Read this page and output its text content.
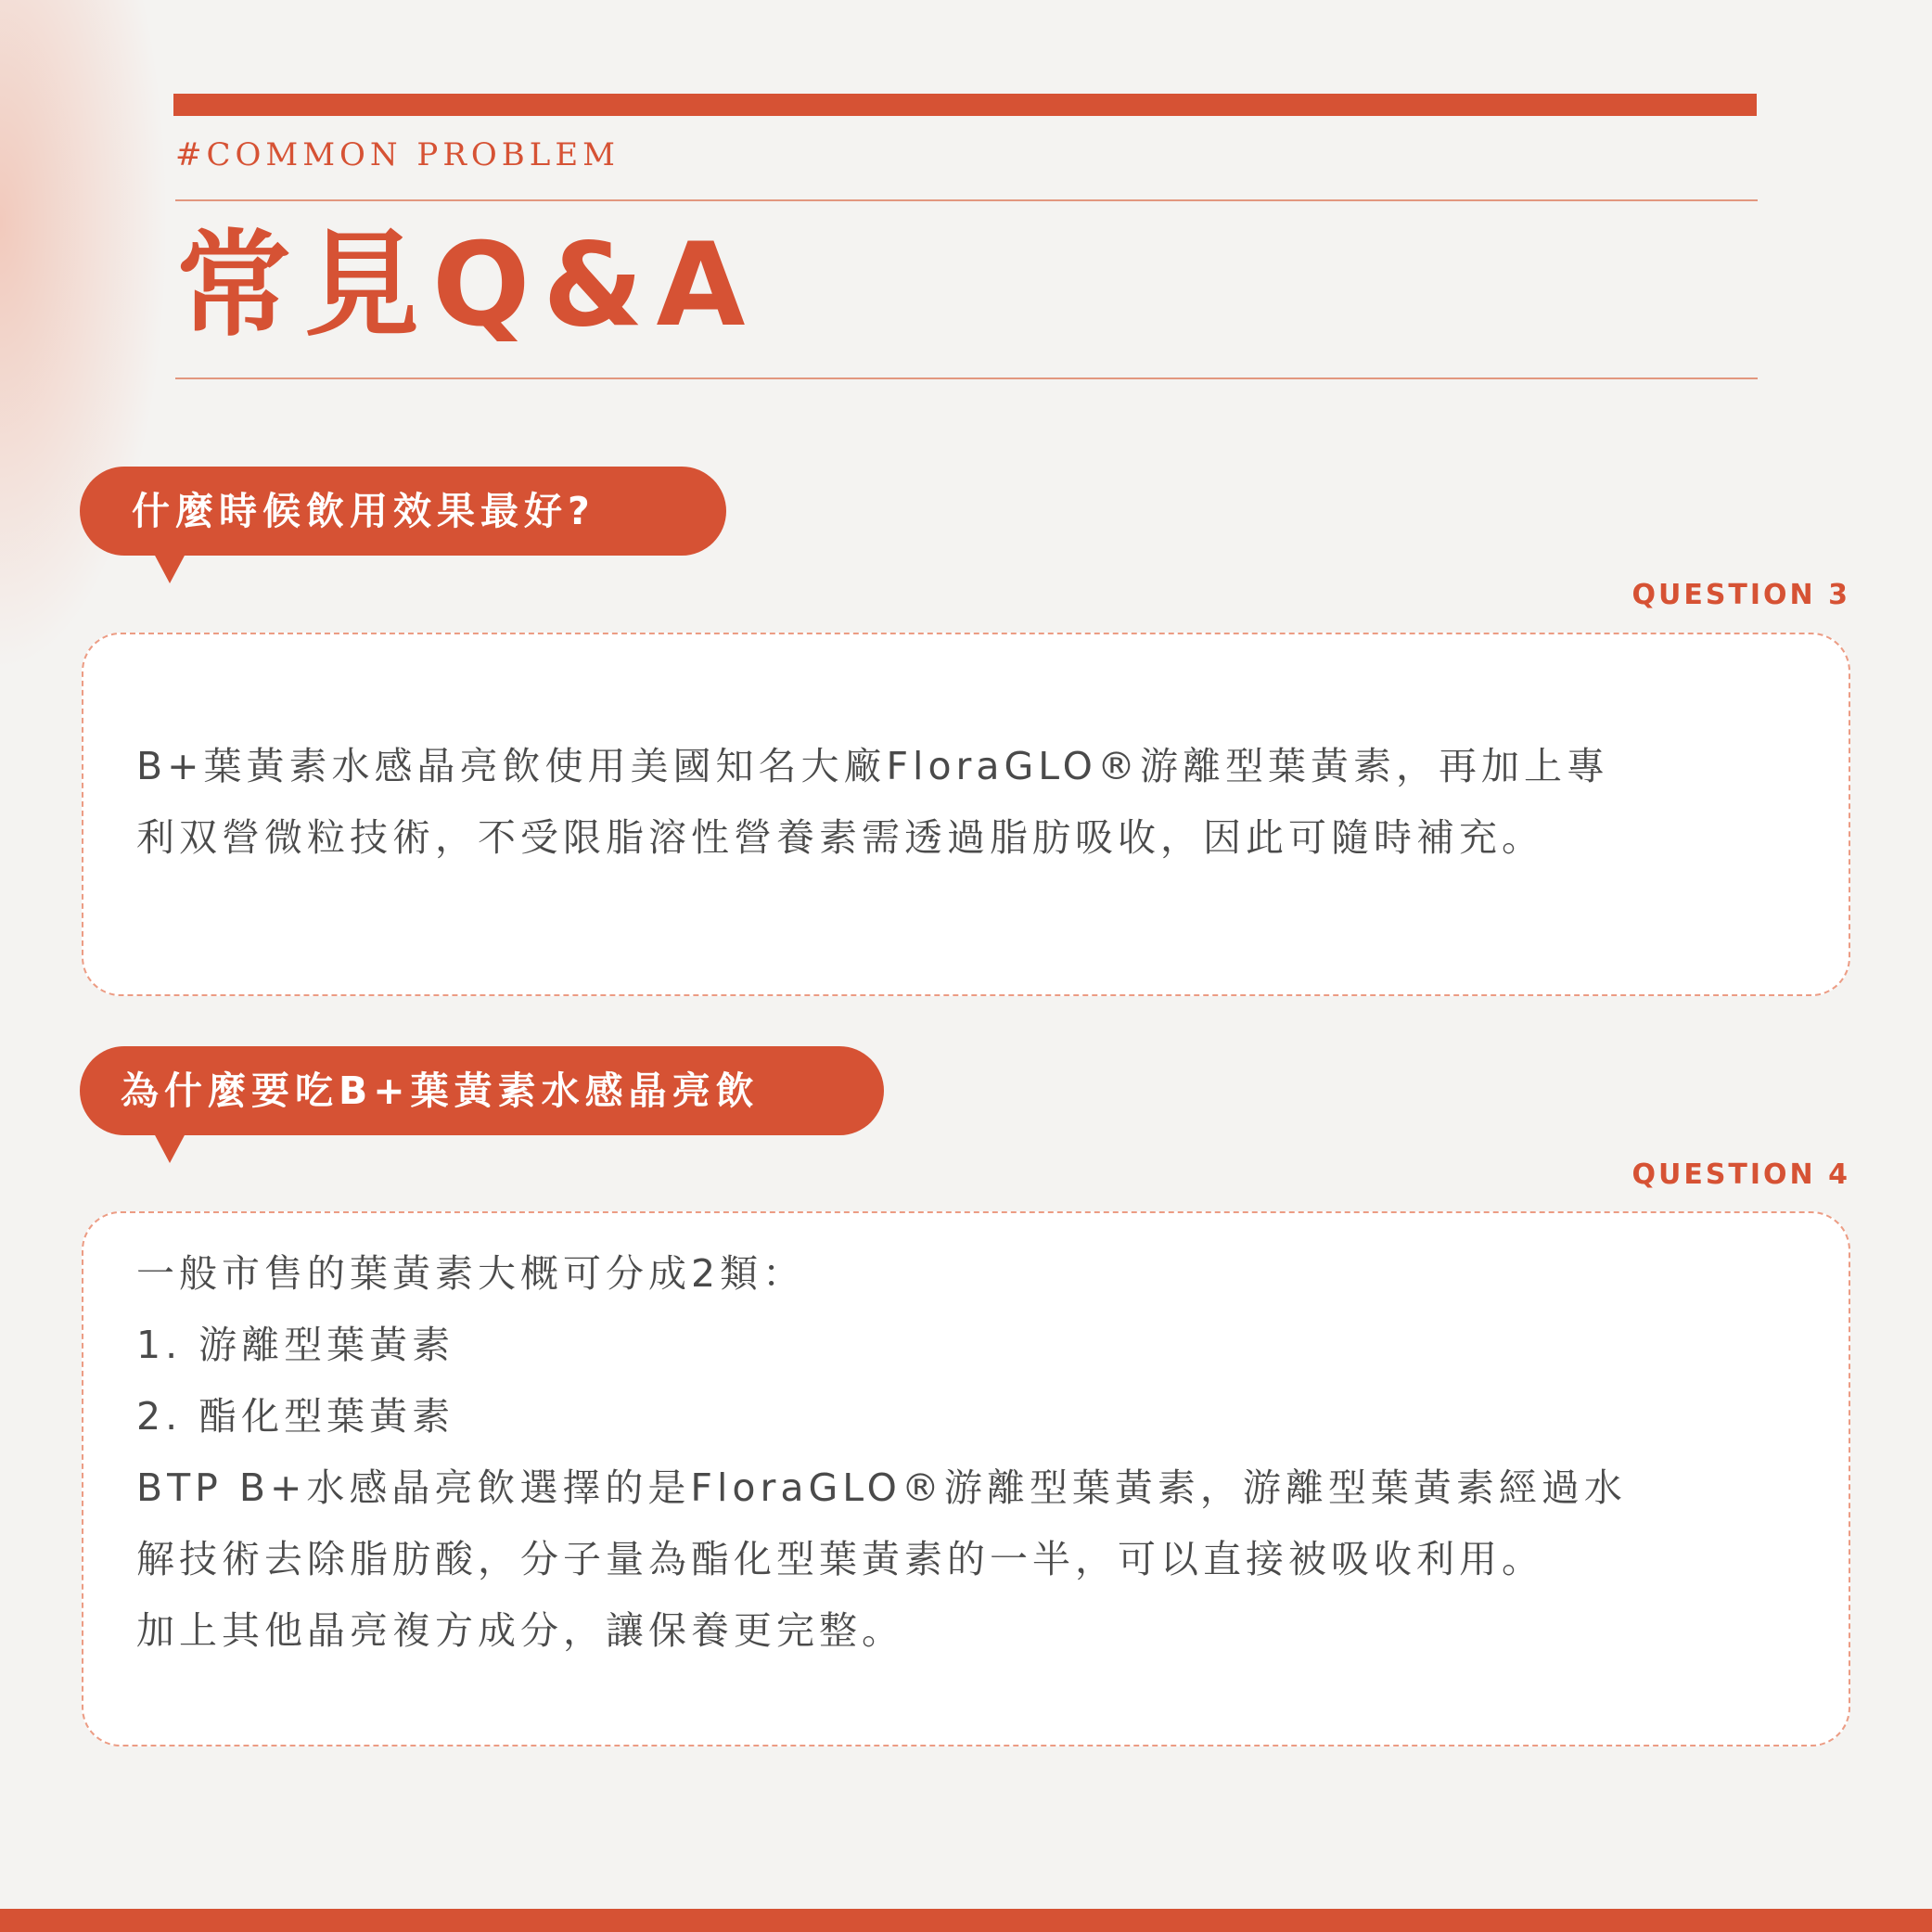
#COMMON PROBLEM
常見Q&A
什麼時候飲用效果最好?
QUESTION 3

B+葉黃素水感晶亮飲使用美國知名大廠FloraGLO®游離型葉黃素，再加上專
利双營微粒技術，不受限脂溶性營養素需透過脂肪吸收，因此可隨時補充。

為什麼要吃B+葉黃素水感晶亮飲
QUESTION 4

一般市售的葉黃素大概可分成2類：
1. 游離型葉黃素
2. 酯化型葉黃素
BTP B+水感晶亮飲選擇的是FloraGLO®游離型葉黃素，游離型葉黃素經過水
解技術去除脂肪酸，分子量為酯化型葉黃素的一半，可以直接被吸收利用。
加上其他晶亮複方成分，讓保養更完整。
